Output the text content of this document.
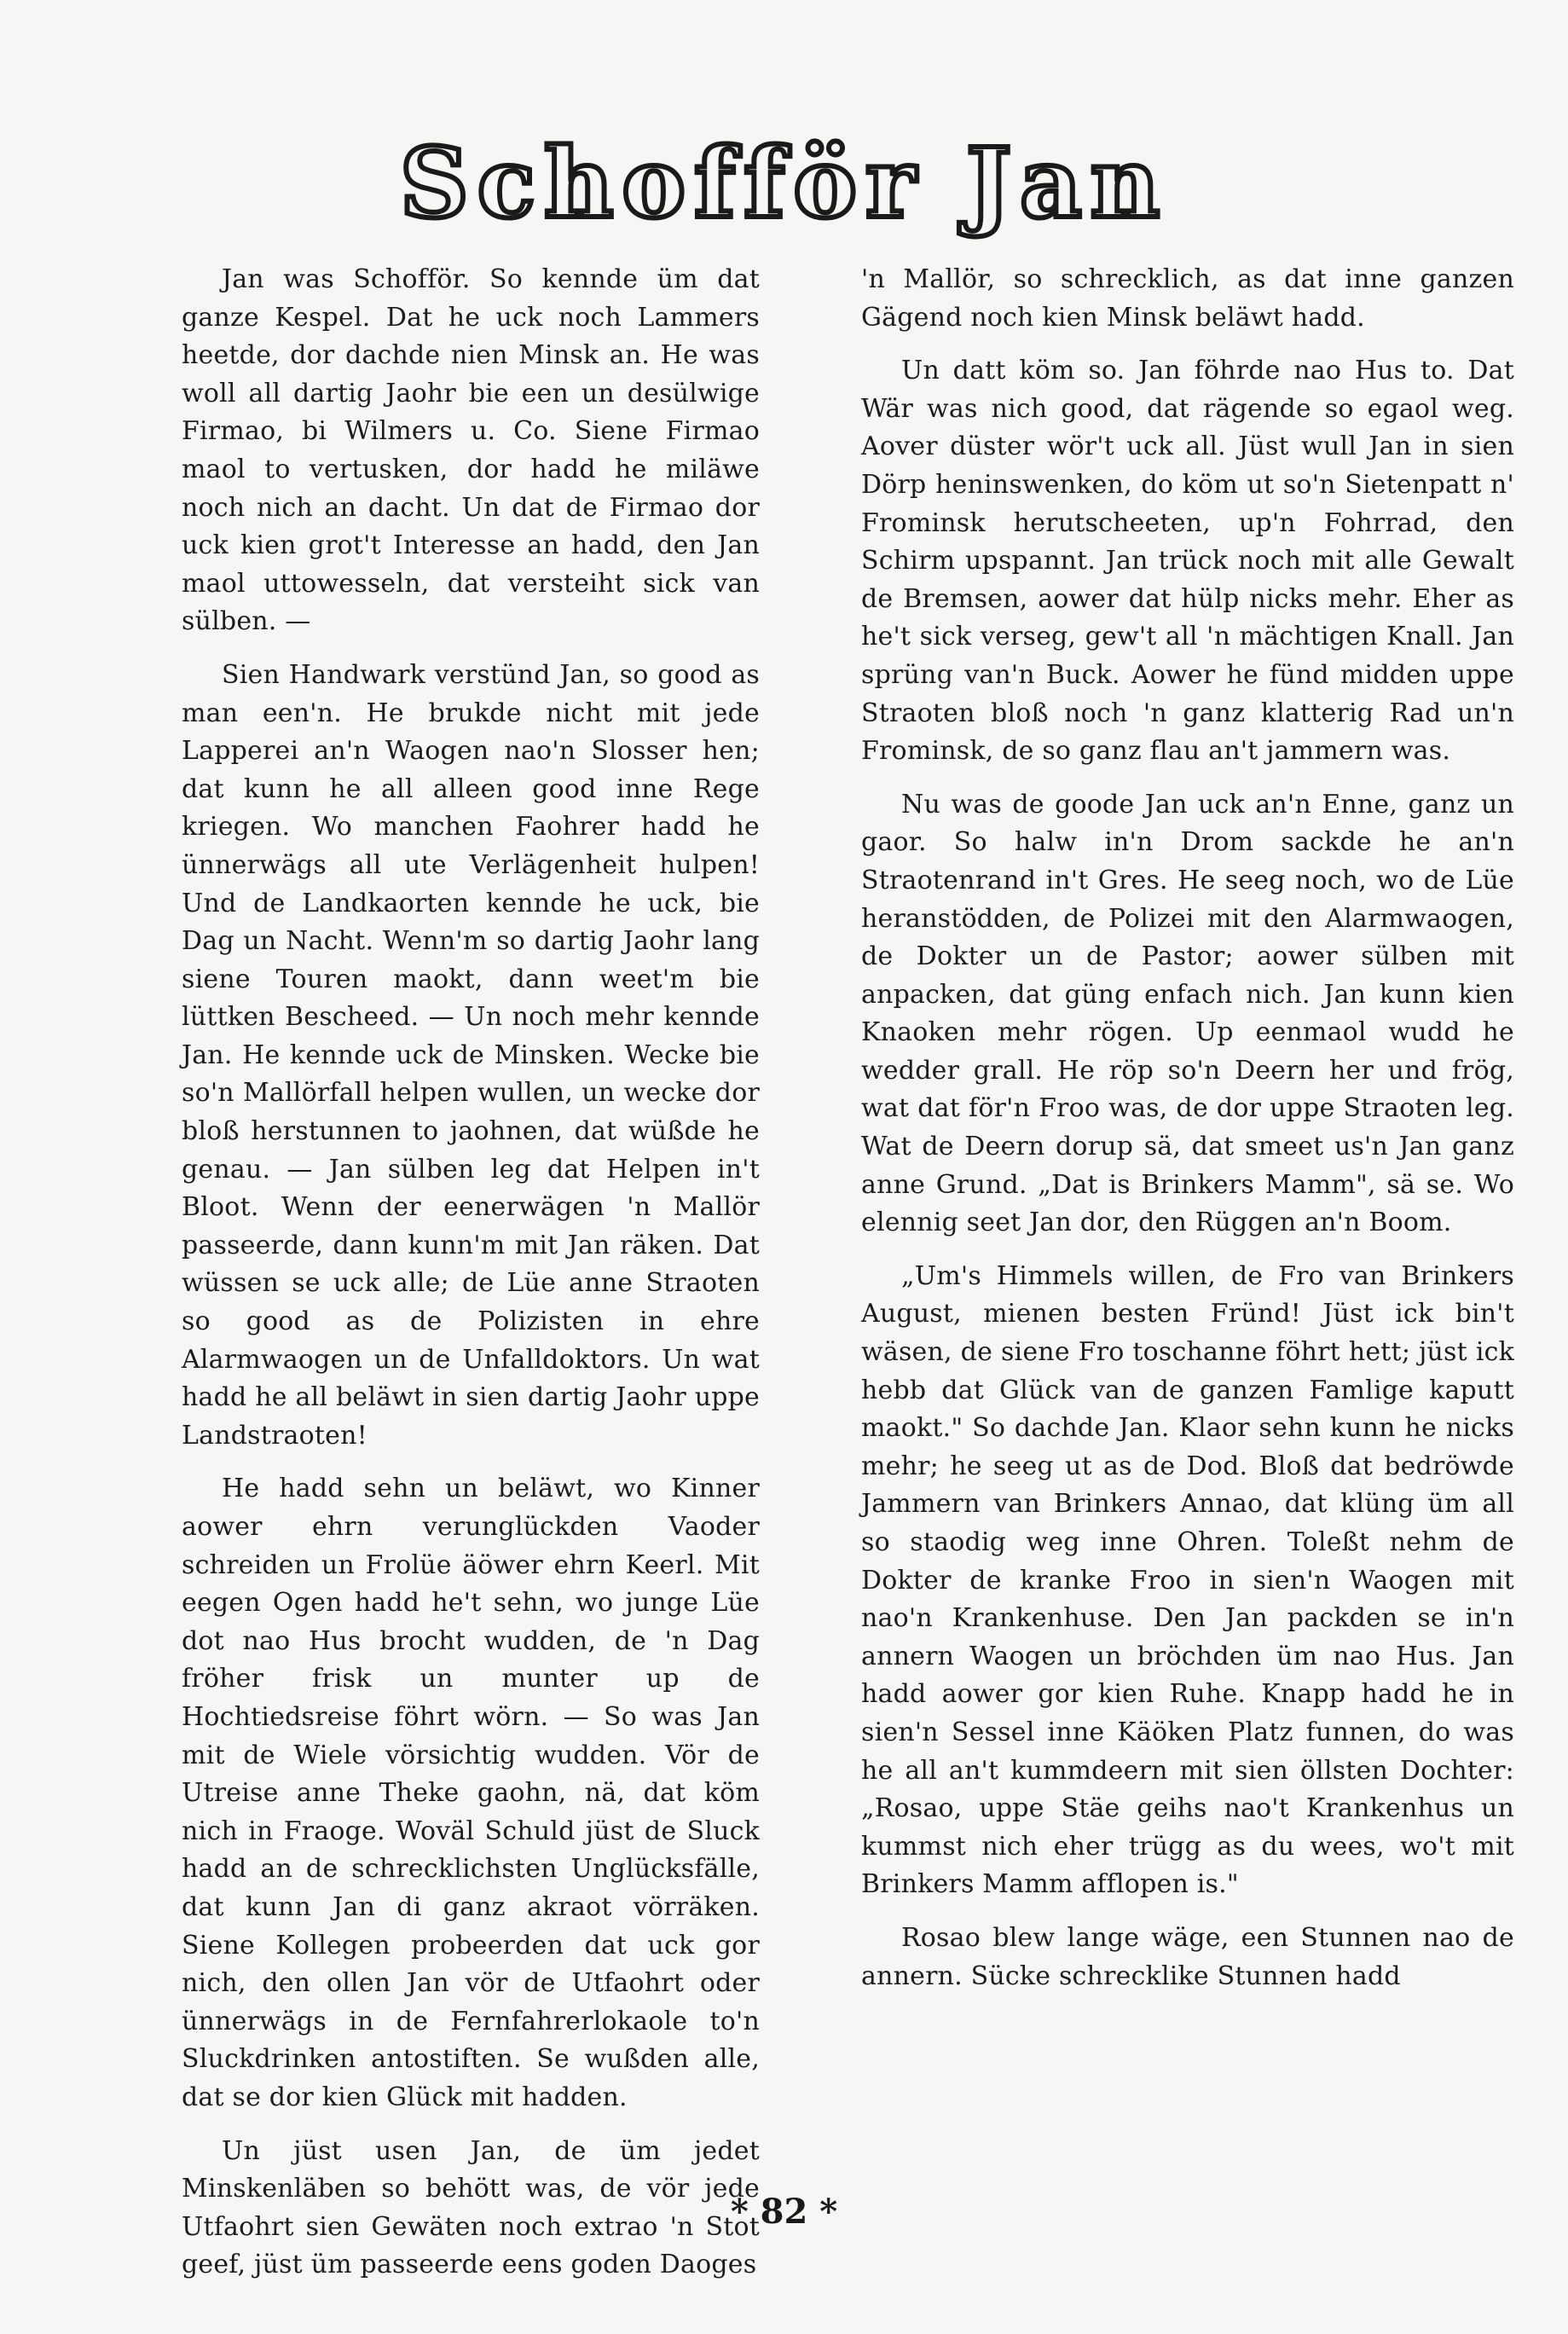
Schofför Jan

Jan was Schofför. So kennde üm dat ganze Kespel. Dat he uck noch Lammers heetde, dor dachde nien Minsk an. He was woll all dartig Jaohr bie een un desülwige Firmao, bi Wilmers u. Co. Siene Firmao maol to vertusken, dor hadd he miläwe noch nich an dacht. Un dat de Firmao dor uck kien grot't Interesse an hadd, den Jan maol uttowesseln, dat versteiht sick van sülben. —

Sien Handwark verstünd Jan, so good as man een'n. He brukde nicht mit jede Lapperei an'n Waogen nao'n Slosser hen; dat kunn he all alleen good inne Rege kriegen. Wo manchen Faohrer hadd he ünnerwägs all ute Verlägenheit hulpen! Und de Landkaorten kennde he uck, bie Dag un Nacht. Wenn'm so dartig Jaohr lang siene Touren maokt, dann weet'm bie lüttken Bescheed. — Un noch mehr kennde Jan. He kennde uck de Minsken. Wecke bie so'n Mallörfall helpen wullen, un wecke dor bloß herstunnen to jaohnen, dat wüßde he genau. — Jan sülben leg dat Helpen in't Bloot. Wenn der eenerwägen 'n Mallör passeerde, dann kunn'm mit Jan räken. Dat wüssen se uck alle; de Lüe anne Straoten so good as de Polizisten in ehre Alarmwaogen un de Unfalldoktors. Un wat hadd he all beläwt in sien dartig Jaohr uppe Landstraoten!

He hadd sehn un beläwt, wo Kinner aower ehrn verunglückden Vaoder schreiden un Frolüe äöwer ehrn Keerl. Mit eegen Ogen hadd he't sehn, wo junge Lüe dot nao Hus brocht wudden, de 'n Dag fröher frisk un munter up de Hochtiedsreise föhrt wörn. — So was Jan mit de Wiele vörsichtig wudden. Vör de Utreise anne Theke gaohn, nä, dat köm nich in Fraoge. Woväl Schuld jüst de Sluck hadd an de schrecklichsten Unglücksfälle, dat kunn Jan di ganz akraot vörräken. Siene Kollegen probeerden dat uck gor nich, den ollen Jan vör de Utfaohrt oder ünnerwägs in de Fernfahrerlokaole to'n Sluckdrinken antostiften. Se wußden alle, dat se dor kien Glück mit hadden.

Un jüst usen Jan, de üm jedet Minskenläben so behött was, de vör jede Utfaohrt sien Gewäten noch extrao 'n Stot geef, jüst üm passeerde eens goden Daoges

'n Mallör, so schrecklich, as dat inne ganzen Gägend noch kien Minsk beläwt hadd.

Un datt köm so. Jan föhrde nao Hus to. Dat Wär was nich good, dat rägende so egaol weg. Aover düster wör't uck all. Jüst wull Jan in sien Dörp heninswenken, do köm ut so'n Sietenpatt n' Frominsk herutscheeten, up'n Fohrrad, den Schirm upspannt. Jan trück noch mit alle Gewalt de Bremsen, aower dat hülp nicks mehr. Eher as he't sick verseg, gew't all 'n mächtigen Knall. Jan sprüng van'n Buck. Aower he fünd midden uppe Straoten bloß noch 'n ganz klatterig Rad un'n Frominsk, de so ganz flau an't jammern was.

Nu was de goode Jan uck an'n Enne, ganz un gaor. So halw in'n Drom sackde he an'n Straotenrand in't Gres. He seeg noch, wo de Lüe heranstödden, de Polizei mit den Alarmwaogen, de Dokter un de Pastor; aower sülben mit anpacken, dat güng enfach nich. Jan kunn kien Knaoken mehr rögen. Up eenmaol wudd he wedder grall. He röp so'n Deern her und frög, wat dat för'n Froo was, de dor uppe Straoten leg. Wat de Deern dorup sä, dat smeet us'n Jan ganz anne Grund. „Dat is Brinkers Mamm", sä se. Wo elennig seet Jan dor, den Rüggen an'n Boom.

„Um's Himmels willen, de Fro van Brinkers August, mienen besten Fründ! Jüst ick bin't wäsen, de siene Fro toschanne föhrt hett; jüst ick hebb dat Glück van de ganzen Famlige kaputt maokt." So dachde Jan. Klaor sehn kunn he nicks mehr; he seeg ut as de Dod. Bloß dat bedröwde Jammern van Brinkers Annao, dat klüng üm all so staodig weg inne Ohren. Toleßt nehm de Dokter de kranke Froo in sien'n Waogen mit nao'n Krankenhuse. Den Jan packden se in'n annern Waogen un bröchden üm nao Hus. Jan hadd aower gor kien Ruhe. Knapp hadd he in sien'n Sessel inne Käöken Platz funnen, do was he all an't kummdeern mit sien öllsten Dochter: „Rosao, uppe Stäe geihs nao't Krankenhus un kummst nich eher trügg as du wees, wo't mit Brinkers Mamm afflopen is."

Rosao blew lange wäge, een Stunnen nao de annern. Sücke schrecklike Stunnen hadd

* 82 *
